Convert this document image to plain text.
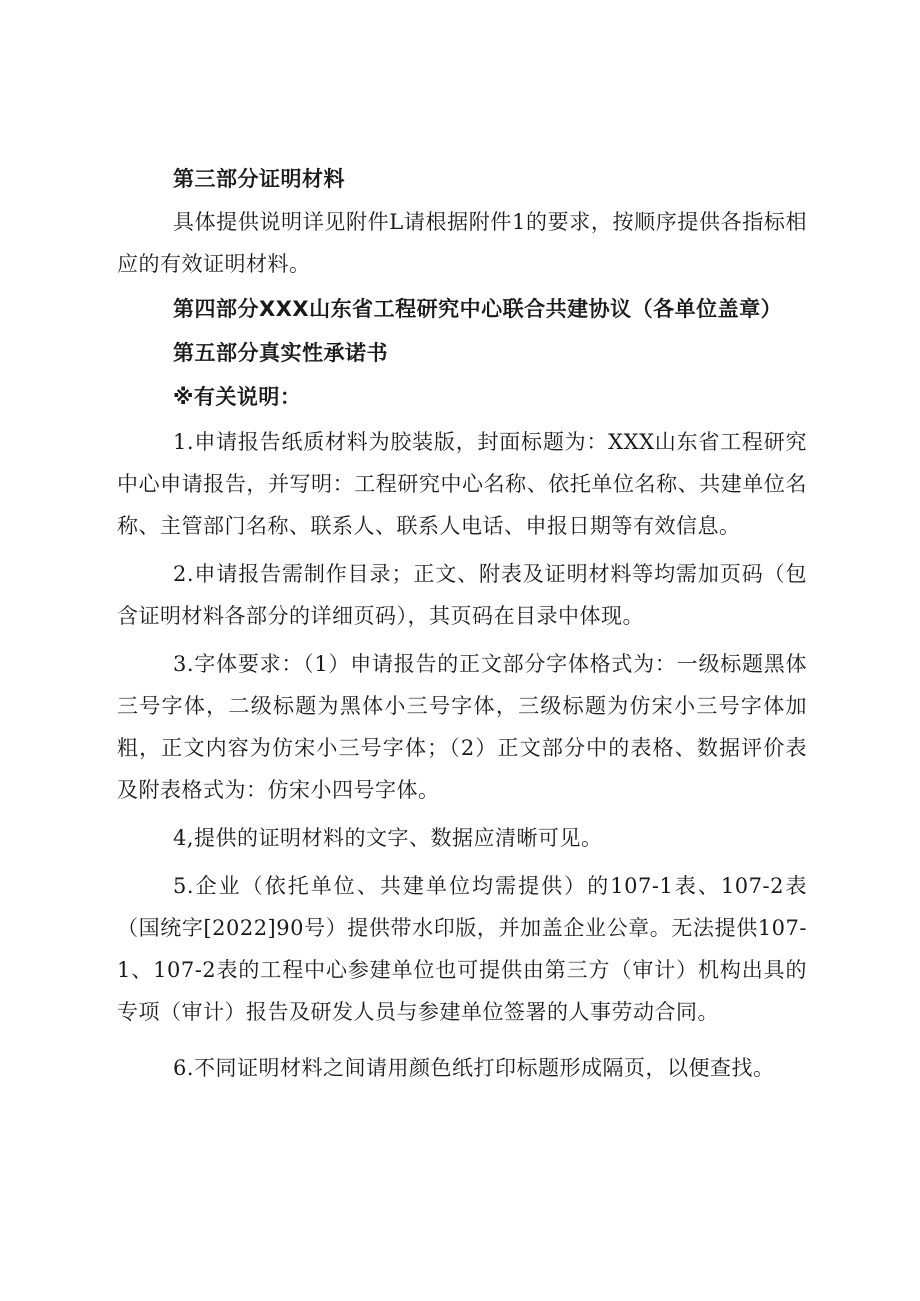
第三部分证明材料

具体提供说明详见附件L请根据附件1的要求，按顺序提供各指标相应的有效证明材料。

第四部分XXX山东省工程研究中心联合共建协议（各单位盖章）

第五部分真实性承诺书

※有关说明：

1.申请报告纸质材料为胶装版，封面标题为：XXX山东省工程研究中心申请报告，并写明：工程研究中心名称、依托单位名称、共建单位名称、主管部门名称、联系人、联系人电话、申报日期等有效信息。

2.申请报告需制作目录；正文、附表及证明材料等均需加页码（包含证明材料各部分的详细页码），其页码在目录中体现。

3.字体要求：（1）申请报告的正文部分字体格式为：一级标题黑体三号字体，二级标题为黑体小三号字体，三级标题为仿宋小三号字体加粗，正文内容为仿宋小三号字体；（2）正文部分中的表格、数据评价表及附表格式为：仿宋小四号字体。

4,提供的证明材料的文字、数据应清晰可见。

5.企业（依托单位、共建单位均需提供）的107-1表、107-2表（国统字[2022]90号）提供带水印版，并加盖企业公章。无法提供107-1、107-2表的工程中心参建单位也可提供由第三方（审计）机构出具的专项（审计）报告及研发人员与参建单位签署的人事劳动合同。

6.不同证明材料之间请用颜色纸打印标题形成隔页，以便查找。
